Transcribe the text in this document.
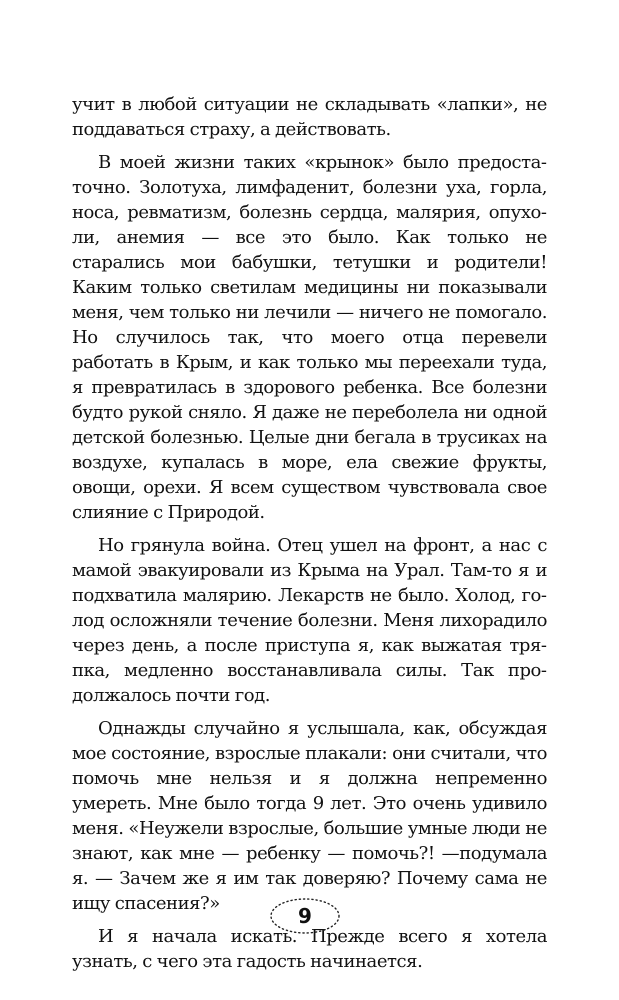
учит в любой ситуации не складывать «лапки», не поддаваться страху, а действовать.

В моей жизни таких «крынок» было предостаточно. Золотуха, лимфаденит, болезни уха, горла, носа, ревматизм, болезнь сердца, малярия, опухоли, анемия — все это было. Как только не старались мои бабушки, тетушки и родители! Каким только светилам медицины ни показывали меня, чем только ни лечили — ничего не помогало. Но случилось так, что моего отца перевели работать в Крым, и как только мы переехали туда, я превратилась в здорового ребенка. Все болезни будто рукой сняло. Я даже не переболела ни одной детской болезнью. Целые дни бегала в трусиках на воздухе, купалась в море, ела свежие фрукты, овощи, орехи. Я всем существом чувствовала свое слияние с Природой.

Но грянула война. Отец ушел на фронт, а нас с мамой эвакуировали из Крыма на Урал. Там-то я и подхватила малярию. Лекарств не было. Холод, голод осложняли течение болезни. Меня лихорадило через день, а после приступа я, как выжатая тряпка, медленно восстанавливала силы. Так продолжалось почти год.

Однажды случайно я услышала, как, обсуждая мое состояние, взрослые плакали: они считали, что помочь мне нельзя и я должна непременно умереть. Мне было тогда 9 лет. Это очень удивило меня. «Неужели взрослые, большие умные люди не знают, как мне — ребенку — помочь?! —подумала я. — Зачем же я им так доверяю? Почему сама не ищу спасения?»

И я начала искать. Прежде всего я хотела узнать, с чего эта гадость начинается.

9
